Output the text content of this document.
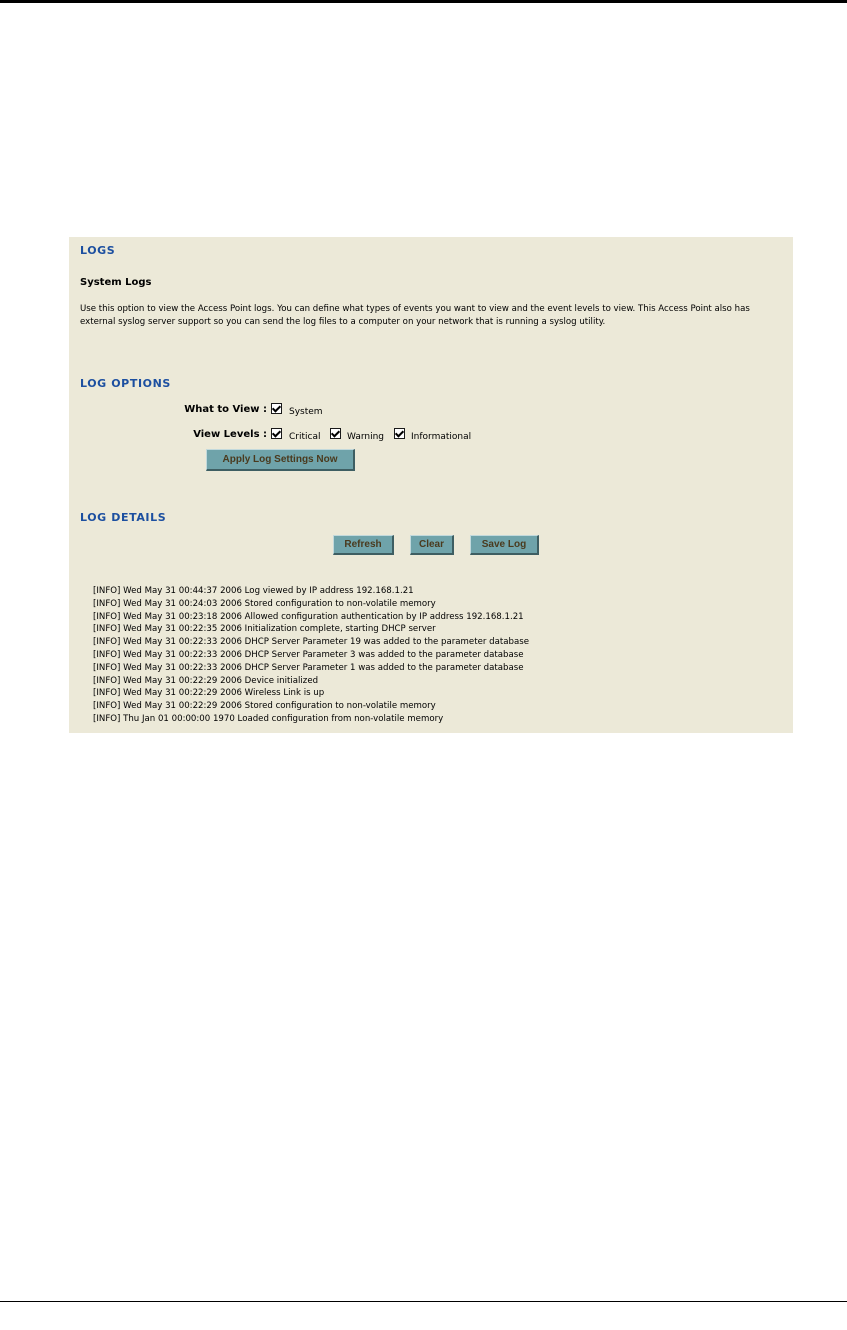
LOGS
System Logs
Use this option to view the Access Point logs. You can define what types of events you want to view and the event levels to view. This Access Point also has external syslog server support so you can send the log files to a computer on your network that is running a syslog utility.
LOG OPTIONS
What to View : System
View Levels : Critical	Warning	Informational
Apply Log Settings Now
LOG DETAILS
Refresh	Clear	Save Log
[INFO] Wed May 31 00:44:37 2006 Log viewed by IP address 192.168.1.21
[INFO] Wed May 31 00:24:03 2006 Stored configuration to non-volatile memory
[INFO] Wed May 31 00:23:18 2006 Allowed configuration authentication by IP address 192.168.1.21
[INFO] Wed May 31 00:22:35 2006 Initialization complete, starting DHCP server
[INFO] Wed May 31 00:22:33 2006 DHCP Server Parameter 19 was added to the parameter database
[INFO] Wed May 31 00:22:33 2006 DHCP Server Parameter 3 was added to the parameter database
[INFO] Wed May 31 00:22:33 2006 DHCP Server Parameter 1 was added to the parameter database
[INFO] Wed May 31 00:22:29 2006 Device initialized
[INFO] Wed May 31 00:22:29 2006 Wireless Link is up
[INFO] Wed May 31 00:22:29 2006 Stored configuration to non-volatile memory
[INFO] Thu Jan 01 00:00:00 1970 Loaded configuration from non-volatile memory
